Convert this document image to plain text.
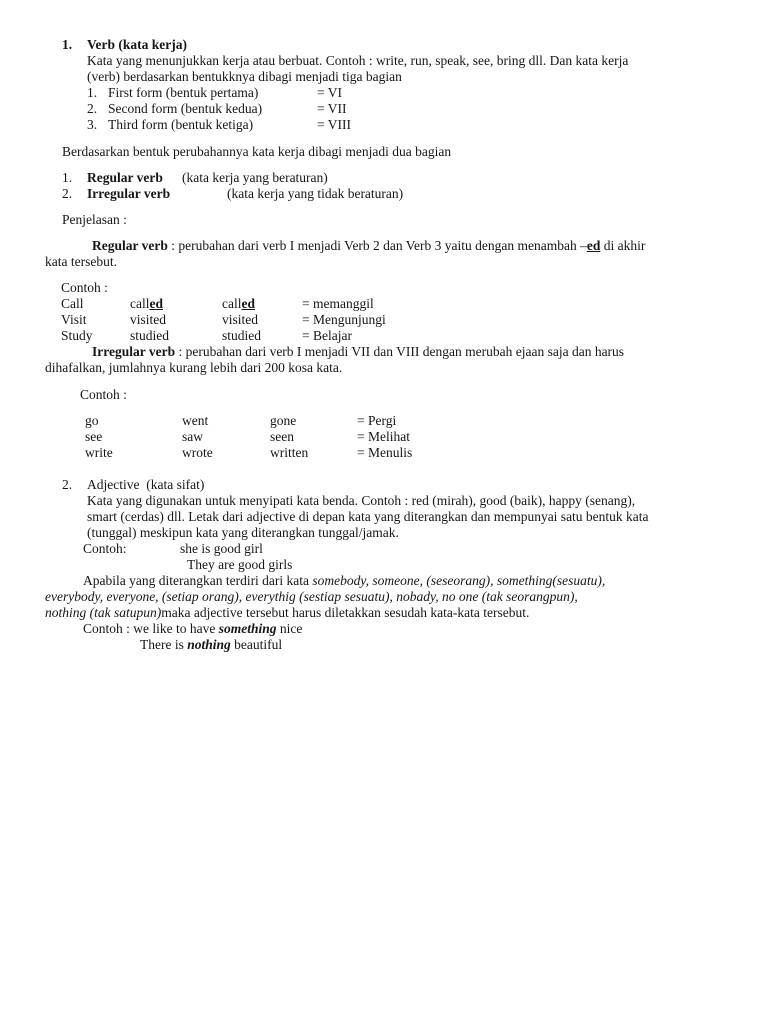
1. Verb (kata kerja)
Kata yang menunjukkan kerja atau berbuat. Contoh : write, run, speak, see, bring dll. Dan kata kerja
(verb) berdasarkan bentukknya dibagi menjadi tiga bagian
1. First form (bentuk pertama)	= VI
2. Second form (bentuk kedua)	= VII
3. Third form (bentuk ketiga)	= VIII
Berdasarkan bentuk perubahannya kata kerja dibagi menjadi dua bagian
1. Regular verb (kata kerja yang beraturan)
2. Irregular verb	(kata kerja yang tidak beraturan)
Penjelasan :
Regular verb : perubahan dari verb I menjadi Verb 2 dan Verb 3 yaitu dengan menambah –ed di akhir
kata tersebut.
Contoh :
Call	called	called	= memanggil
Visit	visited	visited	= Mengunjungi
Study	studied	studied	= Belajar
Irregular verb : perubahan dari verb I menjadi VII dan VIII dengan merubah ejaan saja dan harus
dihafalkan, jumlahnya kurang lebih dari 200 kosa kata.
Contoh :
go	went	gone	= Pergi
see	saw	seen	= Melihat
write	wrote	written	= Menulis
2. Adjective  (kata sifat)
Kata yang digunakan untuk menyipati kata benda. Contoh : red (mirah), good (baik), happy (senang),
smart (cerdas) dll. Letak dari adjective di depan kata yang diterangkan dan mempunyai satu bentuk kata
(tunggal) meskipun kata yang diterangkan tunggal/jamak.
Contoh:	she is good girl
They are good girls
Apabila yang diterangkan terdiri dari kata somebody, someone, (seseorang), something(sesuatu),
everybody, everyone, (setiap orang), everythig (sestiap sesuatu), nobady, no one (tak seorangpun),
nothing (tak satupun)maka adjective tersebut harus diletakkan sesudah kata-kata tersebut.
Contoh : we like to have something nice
There is nothing beautiful
